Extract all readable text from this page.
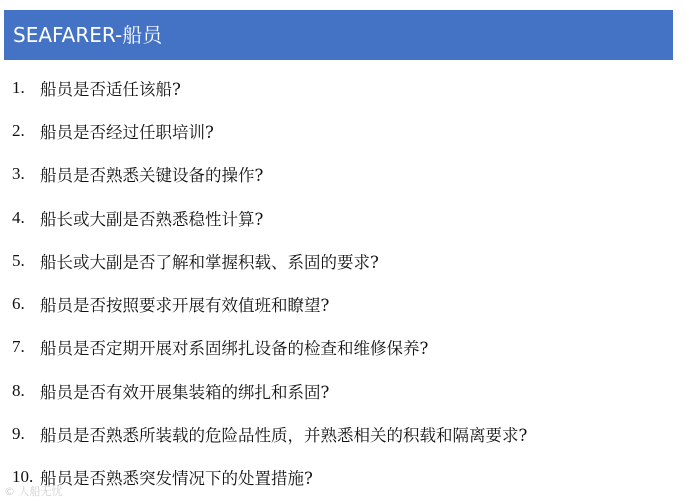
SEAFARER-船员
1. 船员是否适任该船?
2. 船员是否经过任职培训?
3. 船员是否熟悉关键设备的操作?
4. 船长或大副是否熟悉稳性计算?
5. 船长或大副是否了解和掌握积载、系固的要求?
6. 船员是否按照要求开展有效值班和瞭望?
7. 船员是否定期开展对系固绑扎设备的检查和维修保养?
8. 船员是否有效开展集装箱的绑扎和系固?
9. 船员是否熟悉所装载的危险品性质，并熟悉相关的积载和隔离要求?
10. 船员是否熟悉突发情况下的处置措施?
© 人船无忧
